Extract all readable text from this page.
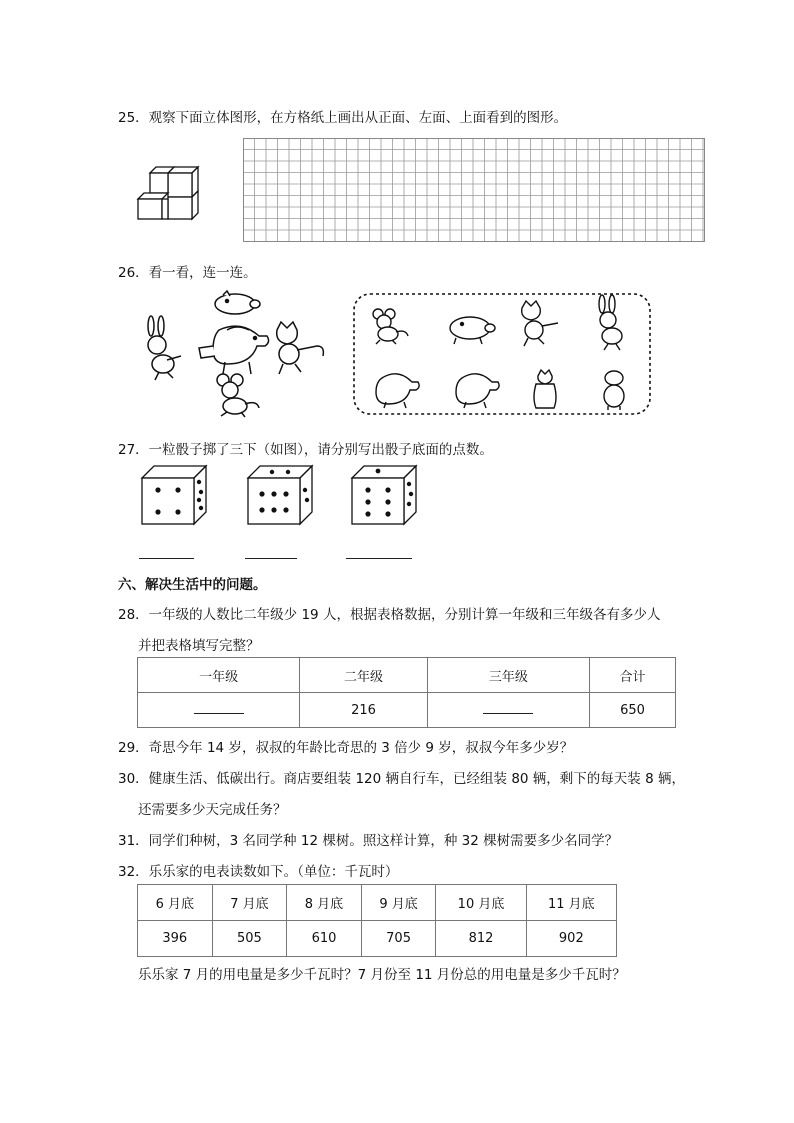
25．观察下面立体图形，在方格纸上画出从正面、左面、上面看到的图形。
26．看一看，连一连。
27．一粒骰子掷了三下（如图），请分别写出骰子底面的点数。
六、解决生活中的问题。
28．一年级的人数比二年级少 19 人，根据表格数据，分别计算一年级和三年级各有多少人
并把表格填写完整？
一年级	二年级	三年级	合计
	216		650
29．奇思今年 14 岁，叔叔的年龄比奇思的 3 倍少 9 岁，叔叔今年多少岁？
30．健康生活、低碳出行。商店要组装 120 辆自行车，已经组装 80 辆，剩下的每天装 8 辆，
还需要多少天完成任务？
31．同学们种树，3 名同学种 12 棵树。照这样计算，种 32 棵树需要多少名同学？
32．乐乐家的电表读数如下。（单位：千瓦时）
6 月底	7 月底	8 月底	9 月底	10 月底	11 月底
396	505	610	705	812	902
乐乐家 7 月的用电量是多少千瓦时？7 月份至 11 月份总的用电量是多少千瓦时？
